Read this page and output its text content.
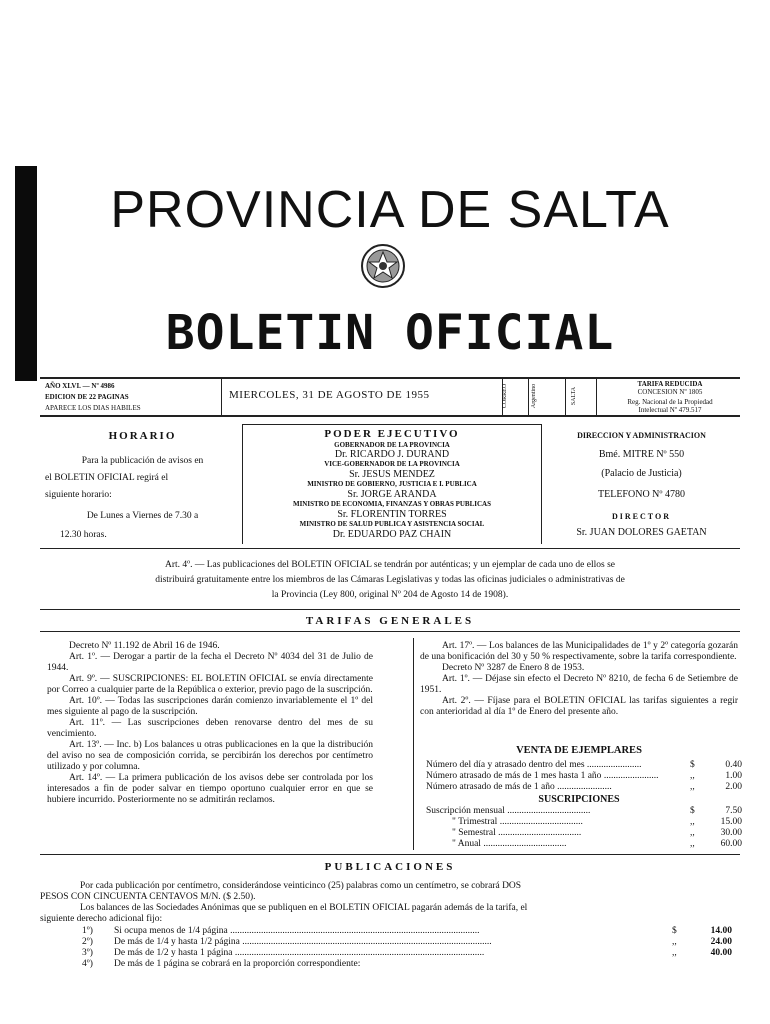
PROVINCIA DE SALTA
BOLETIN OFICIAL
AÑO XLVI. — Nº 4986
EDICION DE 22 PAGINAS
APARECE LOS DIAS HABILES
MIERCOLES, 31 DE AGOSTO DE 1955	CORREO	Argentino	SALTA
TARIFA REDUCIDA
CONCESION Nº 1805
Reg. Nacional de la Propiedad
Intelectual Nº 479.517
HORARIO
Para la publicación de avisos en
el BOLETIN OFICIAL regirá el
siguiente horario:
De Lunes a Viernes de 7.30 a
12.30 horas.
PODER EJECUTIVO
GOBERNADOR DE LA PROVINCIA
Dr. RICARDO J. DURAND
VICE-GOBERNADOR DE LA PROVINCIA
Sr. JESUS MENDEZ
MINISTRO DE GOBIERNO, JUSTICIA E I. PUBLICA
Sr. JORGE ARANDA
MINISTRO DE ECONOMIA, FINANZAS Y OBRAS PUBLICAS
Sr. FLORENTIN TORRES
MINISTRO DE SALUD PUBLICA Y ASISTENCIA SOCIAL
Dr. EDUARDO PAZ CHAIN
DIRECCION Y ADMINISTRACION
Bmé. MITRE Nº 550
(Palacio de Justicia)
TELEFONO Nº 4780
DIRECTOR
Sr. JUAN DOLORES GAETAN
Art. 4º. — Las publicaciones del BOLETIN OFICIAL se tendrán por auténticas; y un ejemplar de cada uno de ellos se
distribuirá gratuitamente entre los miembros de las Cámaras Legislativas y todas las oficinas judiciales o administrativas de
la Provincia (Ley 800, original Nº 204 de Agosto 14 de 1908).
TARIFAS GENERALES

Decreto Nº 11.192 de Abril 16 de 1946.

Art. 1º. — Derogar a partir de la fecha el Decreto Nº 4034 del 31 de Julio de 1944.

Art. 9º. — SUSCRIPCIONES: EL BOLETIN OFICIAL se envía directamente por Correo a cualquier parte de la República o exterior, previo pago de la suscripción.

Art. 10º. — Todas las suscripciones darán comienzo invariablemente el 1º del mes siguiente al pago de la suscripción.

Art. 11º. — Las suscripciones deben renovarse dentro del mes de su vencimiento.

Art. 13º. — Inc. b) Los balances u otras publicaciones en la que la distribución del aviso no sea de composición corrida, se percibirán los derechos por centímetro utilizado y por columna.

Art. 14º. — La primera publicación de los avisos debe ser controlada por los interesados a fin de poder salvar en tiempo oportuno cualquier error en que se hubiere incurrido. Posteriormente no se admitirán reclamos.

Art. 17º. — Los balances de las Municipalidades de 1º y 2º categoría gozarán de una bonificación del 30 y 50 % respectivamente, sobre la tarifa correspondiente.

Decreto Nº 3287 de Enero 8 de 1953.

Art. 1º. — Déjase sin efecto el Decreto Nº 8210, de fecha 6 de Setiembre de 1951.

Art. 2º. — Fíjase para el BOLETIN OFICIAL las tarifas siguientes a regir con anterioridad al día 1º de Enero del presente año.

VENTA DE EJEMPLARES
Número del día y atrasado dentro del mes .......................	$	0.40
Número atrasado de más de 1 mes hasta 1 año .......................	,,	1.00
Número atrasado de más de 1 año .......................	,,	2.00
SUSCRIPCIONES
Suscripción mensual ...................................	$	7.50
" Trimestral ...................................	,,	15.00
" Semestral ...................................	,,	30.00
" Anual ...................................	,,	60.00
PUBLICACIONES
Por cada publicación por centímetro, considerándose veinticinco (25) palabras como un centímetro, se cobrará DOS
PESOS CON CINCUENTA CENTAVOS M/N. ($ 2.50).
Los balances de las Sociedades Anónimas que se publiquen en el BOLETIN OFICIAL pagarán además de la tarifa, el
siguiente derecho adicional fijo:
1º) Si ocupa menos de 1/4 página .........................................................................................................	$	14.00
2º) De más de 1/4 y hasta 1/2 página .........................................................................................................	,,	24.00
3º) De más de 1/2 y hasta 1 página .........................................................................................................	,,	40.00
4º) De más de 1 página se cobrará en la proporción correspondiente:
